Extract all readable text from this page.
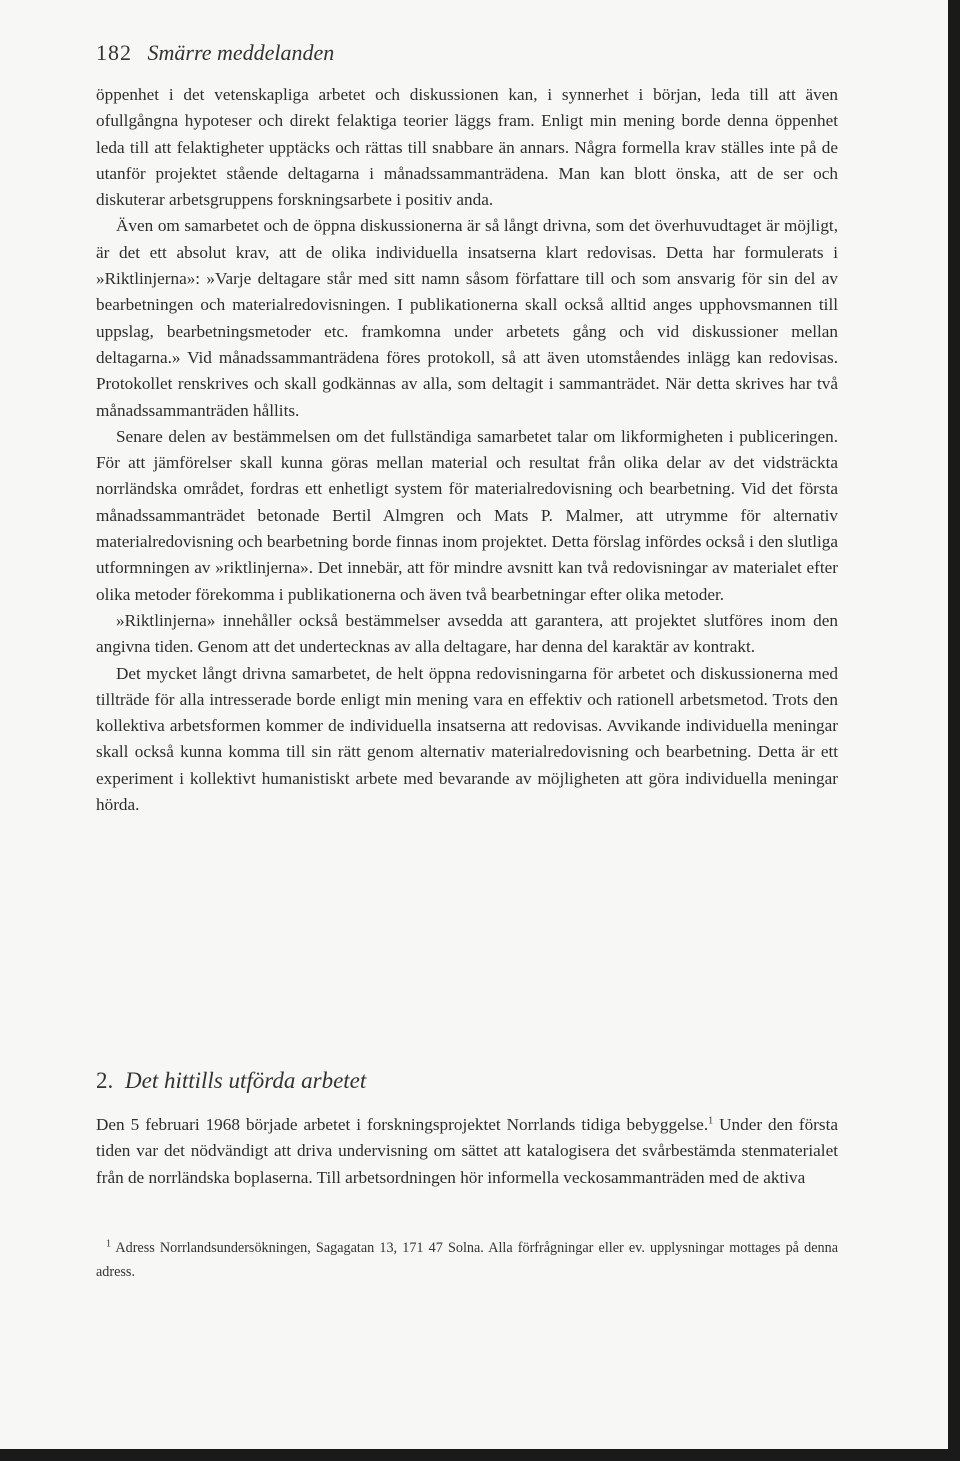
182 Smärre meddelanden

öppenhet i det vetenskapliga arbetet och diskussionen kan, i synnerhet i början, leda till att även ofullgångna hypoteser och direkt felaktiga teorier läggs fram. Enligt min mening borde denna öppenhet leda till att felaktigheter upptäcks och rättas till snabbare än annars. Några formella krav ställes inte på de utanför projektet stående deltagarna i månadssammanträdena. Man kan blott önska, att de ser och diskuterar arbetsgruppens forskningsarbete i positiv anda.

Även om samarbetet och de öppna diskussionerna är så långt drivna, som det överhuvudtaget är möjligt, är det ett absolut krav, att de olika individuella insatserna klart redovisas. Detta har formulerats i »Riktlinjerna»: »Varje deltagare står med sitt namn såsom författare till och som ansvarig för sin del av bearbetningen och materialredovisningen. I publikationerna skall också alltid anges upphovsmannen till uppslag, bearbetningsmetoder etc. framkomna under arbetets gång och vid diskussioner mellan deltagarna.» Vid månadssammanträdena föres protokoll, så att även utomståendes inlägg kan redovisas. Protokollet renskrives och skall godkännas av alla, som deltagit i sammanträdet. När detta skrives har två månadssammanträden hållits.

Senare delen av bestämmelsen om det fullständiga samarbetet talar om likformigheten i publiceringen. För att jämförelser skall kunna göras mellan material och resultat från olika delar av det vidsträckta norrländska området, fordras ett enhetligt system för materialredovisning och bearbetning. Vid det första månadssammanträdet betonade Bertil Almgren och Mats P. Malmer, att utrymme för alternativ materialredovisning och bearbetning borde finnas inom projektet. Detta förslag infördes också i den slutliga utformningen av »riktlinjerna». Det innebär, att för mindre avsnitt kan två redovisningar av materialet efter olika metoder förekomma i publikationerna och även två bearbetningar efter olika metoder.

»Riktlinjerna» innehåller också bestämmelser avsedda att garantera, att projektet slutföres inom den angivna tiden. Genom att det undertecknas av alla deltagare, har denna del karaktär av kontrakt.

Det mycket långt drivna samarbetet, de helt öppna redovisningarna för arbetet och diskussionerna med tillträde för alla intresserade borde enligt min mening vara en effektiv och rationell arbetsmetod. Trots den kollektiva arbetsformen kommer de individuella insatserna att redovisas. Avvikande individuella meningar skall också kunna komma till sin rätt genom alternativ materialredovisning och bearbetning. Detta är ett experiment i kollektivt humanistiskt arbete med bevarande av möjligheten att göra individuella meningar hörda.

2. Det hittills utförda arbetet

Den 5 februari 1968 började arbetet i forskningsprojektet Norrlands tidiga bebyggelse.$^1$ Under den första tiden var det nödvändigt att driva undervisning om sättet att katalogisera det svårbestämda stenmaterialet från de norrländska boplaserna. Till arbetsordningen hör informella veckosammanträden med de aktiva

$^1$ Adress Norrlandsundersökningen, Sagagatan 13, 171 47 Solna. Alla förfrågningar eller ev. upplysningar mottages på denna adress.
